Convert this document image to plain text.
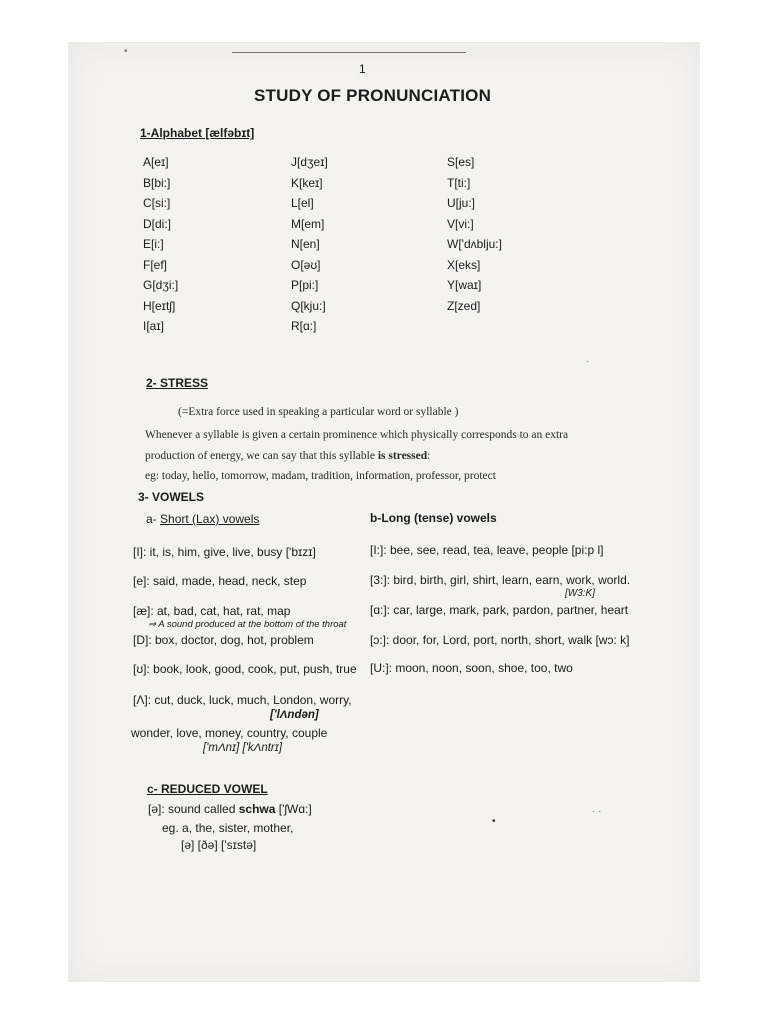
1
STUDY OF PRONUNCIATION
1-Alphabet [ælfəbɪt]
A[eɪ]
B[bi:]
C[si:]
D[di:]
E[i:]
F[ef]
G[dʒi:]
H[eɪtʃ]
I[aɪ]
J[dʒeɪ]
K[keɪ]
L[el]
M[em]
N[en]
O[əʊ]
P[pi:]
Q[kju:]
R[ɑ:]
S[es]
T[ti:]
U[ju:]
V[vi:]
W['dʌblju:]
X[eks]
Y[waɪ]
Z[zed]
2- STRESS
(=Extra force used in speaking a particular word or syllable )
Whenever a syllable is given a certain prominence which physically corresponds to an extra
production of energy, we can say that this syllable is stressed:
eg: today, hello, tomorrow, madam, tradition, information, professor, protect
3- VOWELS
a- Short (Lax) vowels	b-Long (tense) vowels
[I]: it, is, him, give, live, busy ['bɪzɪ]
[e]: said, made, head, neck, step
[æ]: at, bad, cat, hat, rat, map
⇒ A sound produced at the bottom of the throat
[D]: box, doctor, dog, hot, problem
[ʊ]: book, look, good, cook, put, push, true
[Λ]: cut, duck, luck, much, London, worry,
['lΛndən]
wonder, love, money, country, couple
['mΛnɪ] ['kΛntrɪ]
[I:]: bee, see, read, tea, leave, people [pi:p l]
[3:]: bird, birth, girl, shirt, learn, earn, work, world.
[W3:K]
[ɑ:]: car, large, mark, park, pardon, partner, heart
[ɔ:]: door, for, Lord, port, north, short, walk [wɔ: k]
[U:]: moon, noon, soon, shoe, too, two
c- REDUCED VOWEL
[ə]: sound called schwa ['ʃWɑ:]
eg. a, the, sister, mother,
[ə] [ðə] ['sɪstə]
•
·
•
· ·
